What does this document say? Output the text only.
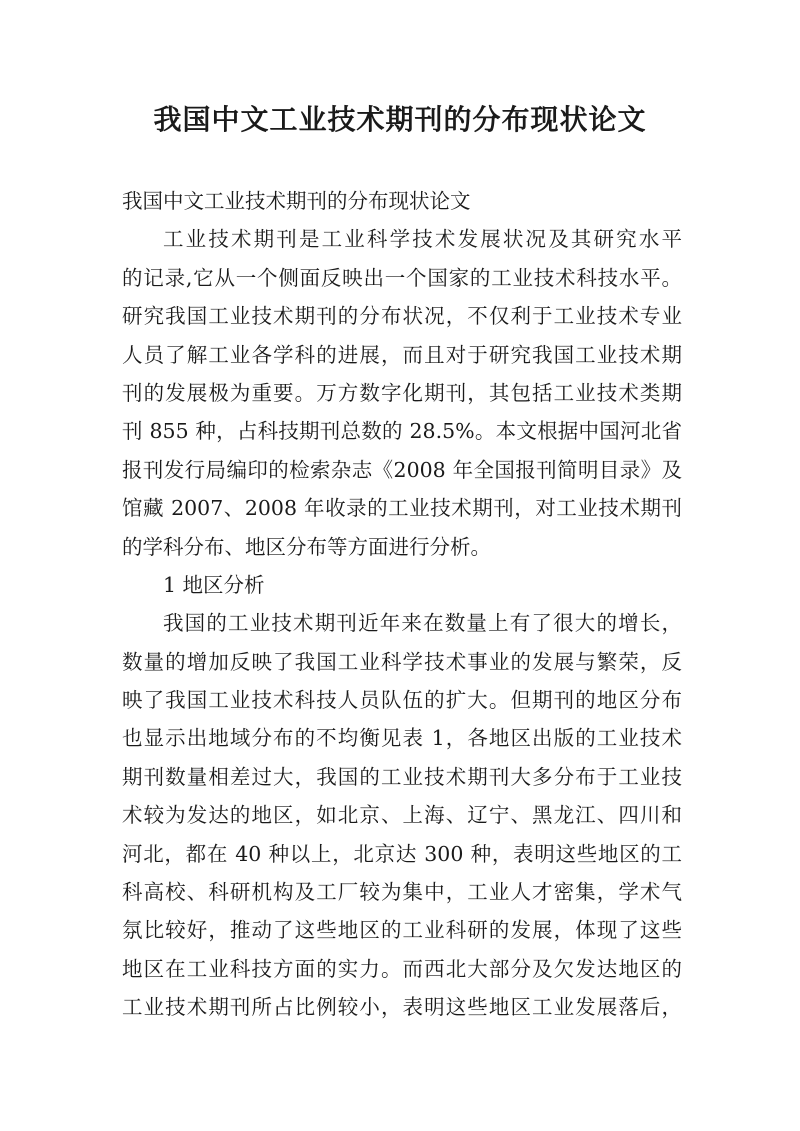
我国中文工业技术期刊的分布现状论文
我国中文工业技术期刊的分布现状论文
工业技术期刊是工业科学技术发展状况及其研究水平
的记录,它从一个侧面反映出一个国家的工业技术科技水平。
研究我国工业技术期刊的分布状况，不仅利于工业技术专业
人员了解工业各学科的进展，而且对于研究我国工业技术期
刊的发展极为重要。万方数字化期刊，其包括工业技术类期
刊 855 种，占科技期刊总数的 28.5%。本文根据中国河北省
报刊发行局编印的检索杂志《2008 年全国报刊简明目录》及
馆藏 2007、2008 年收录的工业技术期刊，对工业技术期刊
的学科分布、地区分布等方面进行分析。
1 地区分析
我国的工业技术期刊近年来在数量上有了很大的增长，
数量的增加反映了我国工业科学技术事业的发展与繁荣，反
映了我国工业技术科技人员队伍的扩大。但期刊的地区分布
也显示出地域分布的不均衡见表 1，各地区出版的工业技术
期刊数量相差过大，我国的工业技术期刊大多分布于工业技
术较为发达的地区，如北京、上海、辽宁、黑龙江、四川和
河北，都在 40 种以上，北京达 300 种，表明这些地区的工
科高校、科研机构及工厂较为集中，工业人才密集，学术气
氛比较好，推动了这些地区的工业科研的发展，体现了这些
地区在工业科技方面的实力。而西北大部分及欠发达地区的
工业技术期刊所占比例较小，表明这些地区工业发展落后，
